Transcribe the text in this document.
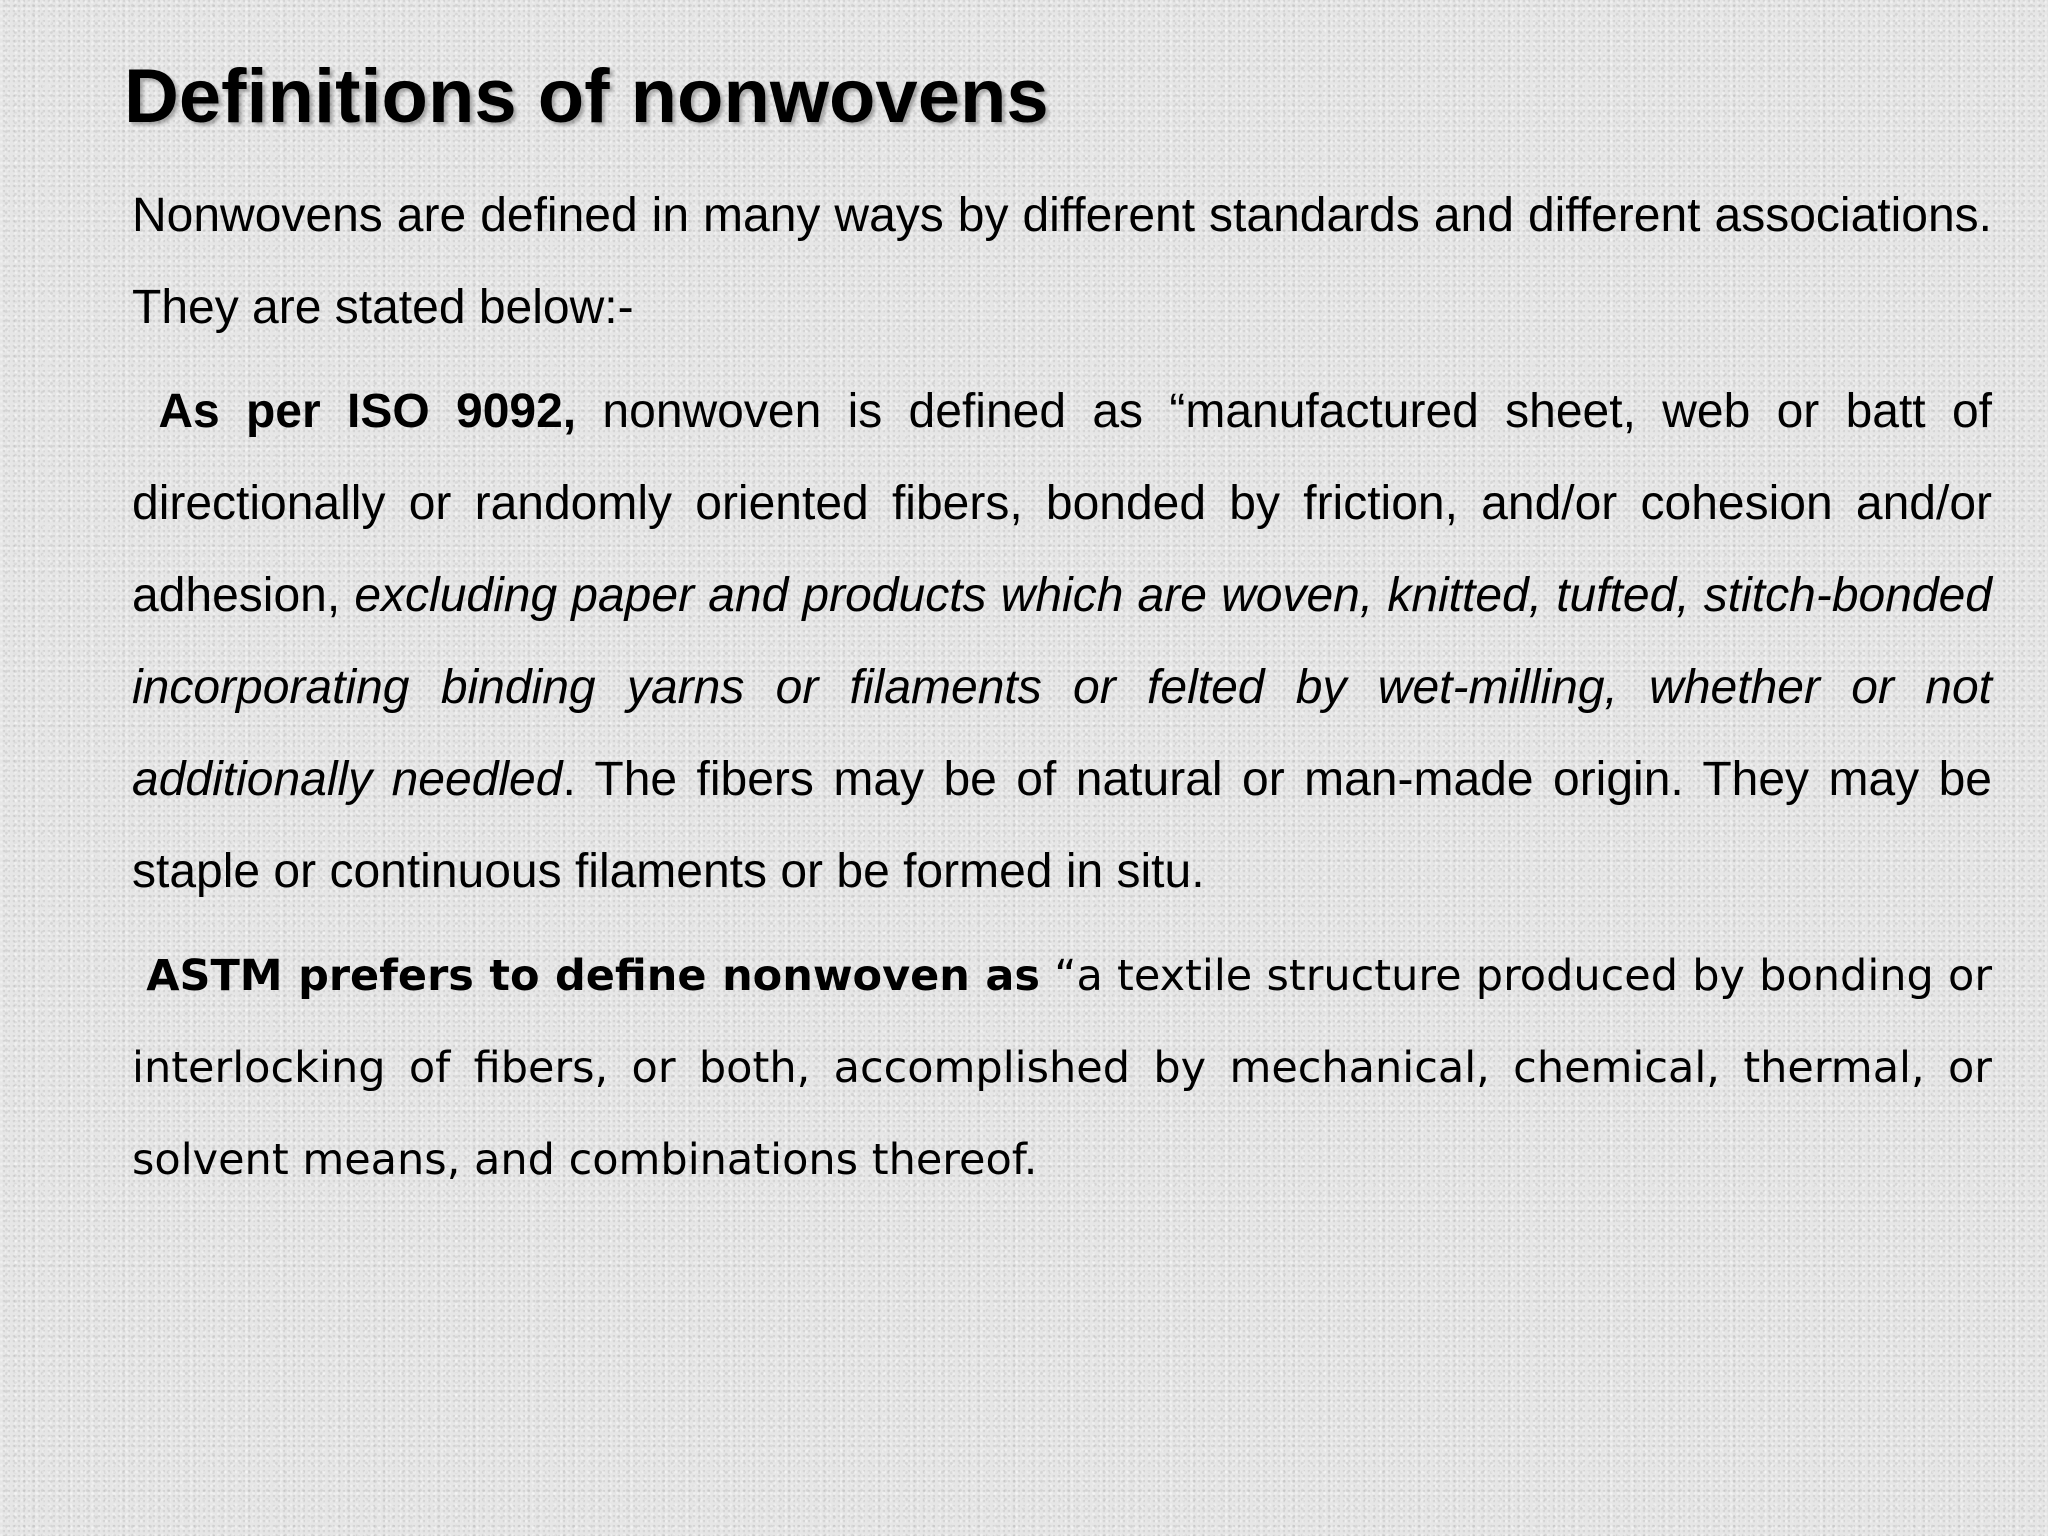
Definitions of nonwovens

Nonwovens are defined in many ways by different standards and different associations. They are stated below:-

As per ISO 9092, nonwoven is defined as “manufactured sheet, web or batt of directionally or randomly oriented fibers, bonded by friction, and/or cohesion and/or adhesion, excluding paper and products which are woven, knitted, tufted, stitch-bonded incorporating binding yarns or filaments or felted by wet-milling, whether or not additionally needled. The fibers may be of natural or man-made origin. They may be staple or continuous filaments or be formed in situ.

ASTM prefers to define nonwoven as “a textile structure produced by bonding or interlocking of fibers, or both, accomplished by mechanical, chemical, thermal, or solvent means, and combinations thereof.
